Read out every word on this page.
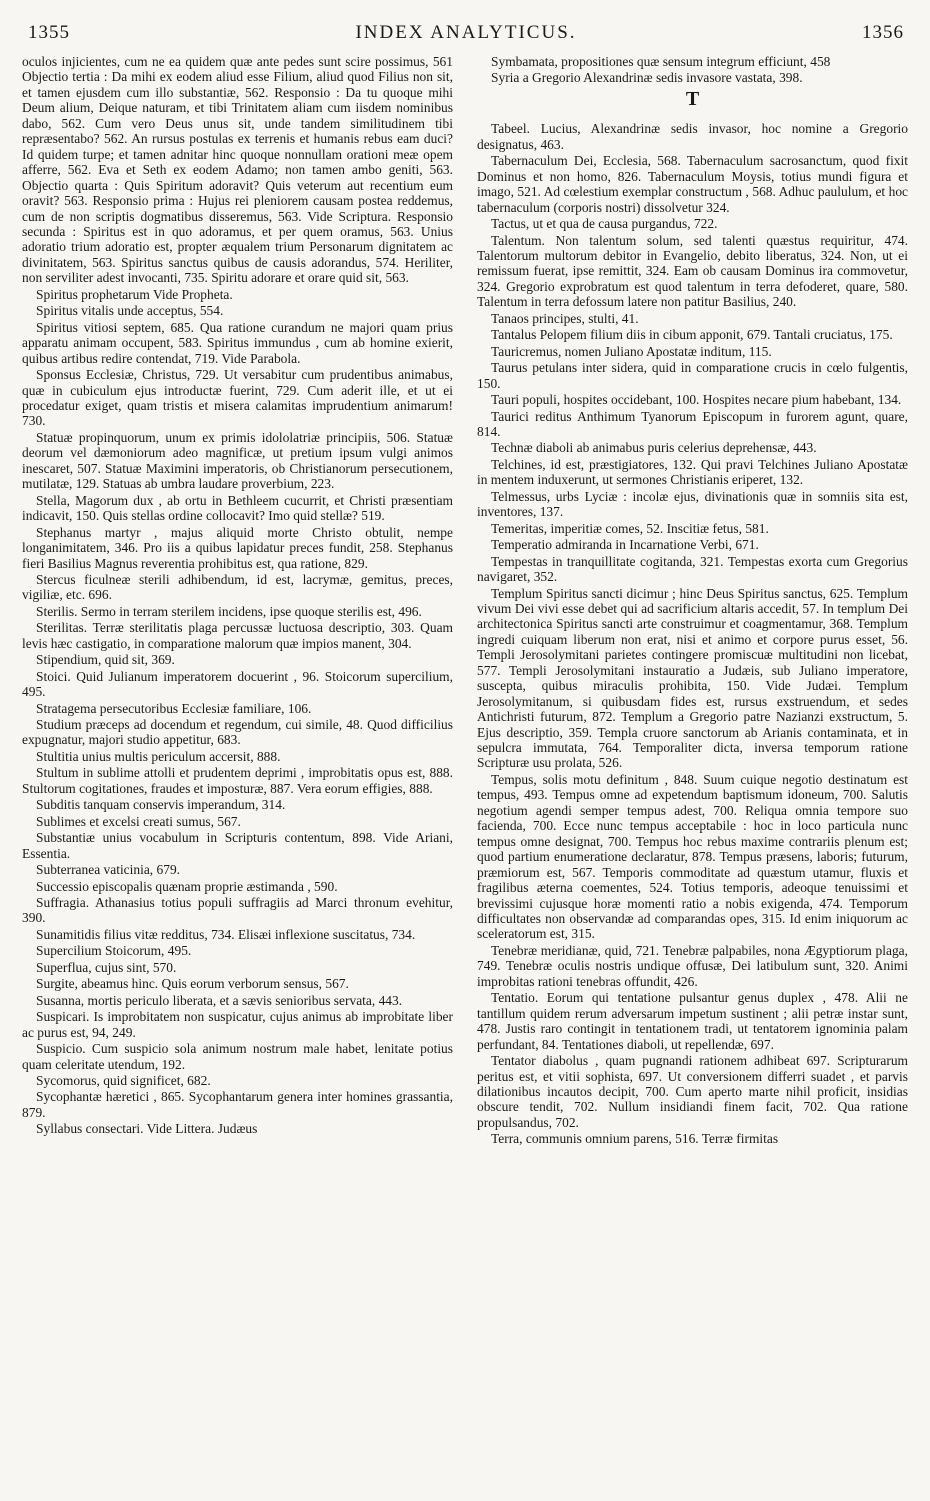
1355	INDEX ANALYTICUS.	1356

oculos injicientes, cum ne ea quidem quæ ante pedes sunt scire possimus, 561 Objectio tertia : Da mihi ex eodem aliud esse Filium, aliud quod Filius non sit, et tamen ejusdem cum illo substantiæ, 562. Responsio : Da tu quoque mihi Deum alium, Deique naturam, et tibi Trinitatem aliam cum iisdem nominibus dabo, 562. Cum vero Deus unus sit, unde tandem similitudinem tibi repræsentabo? 562. An rursus postulas ex terrenis et humanis rebus eam duci? Id quidem turpe; et tamen adnitar hinc quoque nonnullam orationi meæ opem afferre, 562. Eva et Seth ex eodem Adamo; non tamen ambo geniti, 563. Objectio quarta : Quis Spiritum adoravit? Quis veterum aut recentium eum oravit? 563. Responsio prima : Hujus rei pleniorem causam postea reddemus, cum de non scriptis dogmatibus disseremus, 563. Vide Scriptura. Responsio secunda : Spiritus est in quo adoramus, et per quem oramus, 563. Unius adoratio trium adoratio est, propter æqualem trium Personarum dignitatem ac divinitatem, 563. Spiritus sanctus quibus de causis adorandus, 574. Heriliter, non serviliter adest invocanti, 735. Spiritu adorare et orare quid sit, 563.

Spiritus prophetarum Vide Propheta.

Spiritus vitalis unde acceptus, 554.

Spiritus vitiosi septem, 685. Qua ratione curandum ne majori quam prius apparatu animam occupent, 583. Spiritus immundus , cum ab homine exierit, quibus artibus redire contendat, 719. Vide Parabola.

Sponsus Ecclesiæ, Christus, 729. Ut versabitur cum prudentibus animabus, quæ in cubiculum ejus introductæ fuerint, 729. Cum aderit ille, et ut ei procedatur exiget, quam tristis et misera calamitas imprudentium animarum! 730.

Statuæ propinquorum, unum ex primis idololatriæ principiis, 506. Statuæ deorum vel dæmoniorum adeo magnificæ, ut pretium ipsum vulgi animos inescaret, 507. Statuæ Maximini imperatoris, ob Christianorum persecutionem, mutilatæ, 129. Statuas ab umbra laudare proverbium, 223.

Stella, Magorum dux , ab ortu in Bethleem cucurrit, et Christi præsentiam indicavit, 150. Quis stellas ordine collocavit? Imo quid stellæ? 519.

Stephanus martyr , majus aliquid morte Christo obtulit, nempe longanimitatem, 346. Pro iis a quibus lapidatur preces fundit, 258. Stephanus fieri Basilius Magnus reverentia prohibitus est, qua ratione, 829.

Stercus ficulneæ sterili adhibendum, id est, lacrymæ, gemitus, preces, vigiliæ, etc. 696.

Sterilis. Sermo in terram sterilem incidens, ipse quoque sterilis est, 496.

Sterilitas. Terræ sterilitatis plaga percussæ luctuosa descriptio, 303. Quam levis hæc castigatio, in comparatione malorum quæ impios manent, 304.

Stipendium, quid sit, 369.

Stoici. Quid Julianum imperatorem docuerint , 96. Stoicorum supercilium, 495.

Stratagema persecutoribus Ecclesiæ familiare, 106.

Studium præceps ad docendum et regendum, cui simile, 48. Quod difficilius expugnatur, majori studio appetitur, 683.

Stultitia unius multis periculum accersit, 888.

Stultum in sublime attolli et prudentem deprimi , improbitatis opus est, 888. Stultorum cogitationes, fraudes et imposturæ, 887. Vera eorum effigies, 888.

Subditis tanquam conservis imperandum, 314.

Sublimes et excelsi creati sumus, 567.

Substantiæ unius vocabulum in Scripturis contentum, 898. Vide Ariani, Essentia.

Subterranea vaticinia, 679.

Successio episcopalis quænam proprie æstimanda , 590.

Suffragia. Athanasius totius populi suffragiis ad Marci thronum evehitur, 390.

Sunamitidis filius vitæ redditus, 734. Elisæi inflexione suscitatus, 734.

Supercilium Stoicorum, 495.

Superflua, cujus sint, 570.

Surgite, abeamus hinc. Quis eorum verborum sensus, 567.

Susanna, mortis periculo liberata, et a sævis senioribus servata, 443.

Suspicari. Is improbitatem non suspicatur, cujus animus ab improbitate liber ac purus est, 94, 249.

Suspicio. Cum suspicio sola animum nostrum male habet, lenitate potius quam celeritate utendum, 192.

Sycomorus, quid significet, 682.

Sycophantæ hæretici , 865. Sycophantarum genera inter homines grassantia, 879.

Syllabus consectari. Vide Littera. Judæus

Symbamata, propositiones quæ sensum integrum efficiunt, 458

Syria a Gregorio Alexandrinæ sedis invasore vastata, 398.

T

Tabeel. Lucius, Alexandrinæ sedis invasor, hoc nomine a Gregorio designatus, 463.

Tabernaculum Dei, Ecclesia, 568. Tabernaculum sacrosanctum, quod fixit Dominus et non homo, 826. Tabernaculum Moysis, totius mundi figura et imago, 521. Ad cœlestium exemplar constructum , 568. Adhuc paululum, et hoc tabernaculum (corporis nostri) dissolvetur 324.

Tactus, ut et qua de causa purgandus, 722.

Talentum. Non talentum solum, sed talenti quæstus requiritur, 474. Talentorum multorum debitor in Evangelio, debito liberatus, 324. Non, ut ei remissum fuerat, ipse remittit, 324. Eam ob causam Dominus ira commovetur, 324. Gregorio exprobratum est quod talentum in terra defoderet, quare, 580. Talentum in terra defossum latere non patitur Basilius, 240.

Tanaos principes, stulti, 41.

Tantalus Pelopem filium diis in cibum apponit, 679. Tantali cruciatus, 175.

Tauricremus, nomen Juliano Apostatæ inditum, 115.

Taurus petulans inter sidera, quid in comparatione crucis in cœlo fulgentis, 150.

Tauri populi, hospites occidebant, 100. Hospites necare pium habebant, 134.

Taurici reditus Anthimum Tyanorum Episcopum in furorem agunt, quare, 814.

Technæ diaboli ab animabus puris celerius deprehensæ, 443.

Telchines, id est, præstigiatores, 132. Qui pravi Telchines Juliano Apostatæ in mentem induxerunt, ut sermones Christianis eriperet, 132.

Telmessus, urbs Lyciæ : incolæ ejus, divinationis quæ in somniis sita est, inventores, 137.

Temeritas, imperitiæ comes, 52. Inscitiæ fetus, 581.

Temperatio admiranda in Incarnatione Verbi, 671.

Tempestas in tranquillitate cogitanda, 321. Tempestas exorta cum Gregorius navigaret, 352.

Templum Spiritus sancti dicimur ; hinc Deus Spiritus sanctus, 625. Templum vivum Dei vivi esse debet qui ad sacrificium altaris accedit, 57. In templum Dei architectonica Spiritus sancti arte construimur et coagmentamur, 368. Templum ingredi cuiquam liberum non erat, nisi et animo et corpore purus esset, 56. Templi Jerosolymitani parietes contingere promiscuæ multitudini non licebat, 577. Templi Jerosolymitani instauratio a Judæis, sub Juliano imperatore, suscepta, quibus miraculis prohibita, 150. Vide Judæi. Templum Jerosolymitanum, si quibusdam fides est, rursus exstruendum, et sedes Antichristi futurum, 872. Templum a Gregorio patre Nazianzi exstructum, 5. Ejus descriptio, 359. Templa cruore sanctorum ab Arianis contaminata, et in sepulcra immutata, 764. Temporaliter dicta, inversa temporum ratione Scripturæ usu prolata, 526.

Tempus, solis motu definitum , 848. Suum cuique negotio destinatum est tempus, 493. Tempus omne ad expetendum baptismum idoneum, 700. Salutis negotium agendi semper tempus adest, 700. Reliqua omnia tempore suo facienda, 700. Ecce nunc tempus acceptabile : hoc in loco particula nunc tempus omne designat, 700. Tempus hoc rebus maxime contrariis plenum est; quod partium enumeratione declaratur, 878. Tempus præsens, laboris; futurum, præmiorum est, 567. Temporis commoditate ad quæstum utamur, fluxis et fragilibus æterna coementes, 524. Totius temporis, adeoque tenuissimi et brevissimi cujusque horæ momenti ratio a nobis exigenda, 474. Temporum difficultates non observandæ ad comparandas opes, 315. Id enim iniquorum ac sceleratorum est, 315.

Tenebræ meridianæ, quid, 721. Tenebræ palpabiles, nona Ægyptiorum plaga, 749. Tenebræ oculis nostris undique offusæ, Dei latibulum sunt, 320. Animi improbitas rationi tenebras offundit, 426.

Tentatio. Eorum qui tentatione pulsantur genus duplex , 478. Alii ne tantillum quidem rerum adversarum impetum sustinent ; alii petræ instar sunt, 478. Justis raro contingit in tentationem tradi, ut tentatorem ignominia palam perfundant, 84. Tentationes diaboli, ut repellendæ, 697.

Tentator diabolus , quam pugnandi rationem adhibeat 697. Scripturarum peritus est, et vitii sophista, 697. Ut conversionem differri suadet , et parvis dilationibus incautos decipit, 700. Cum aperto marte nihil proficit, insidias obscure tendit, 702. Nullum insidiandi finem facit, 702. Qua ratione propulsandus, 702.

Terra, communis omnium parens, 516. Terræ firmitas
